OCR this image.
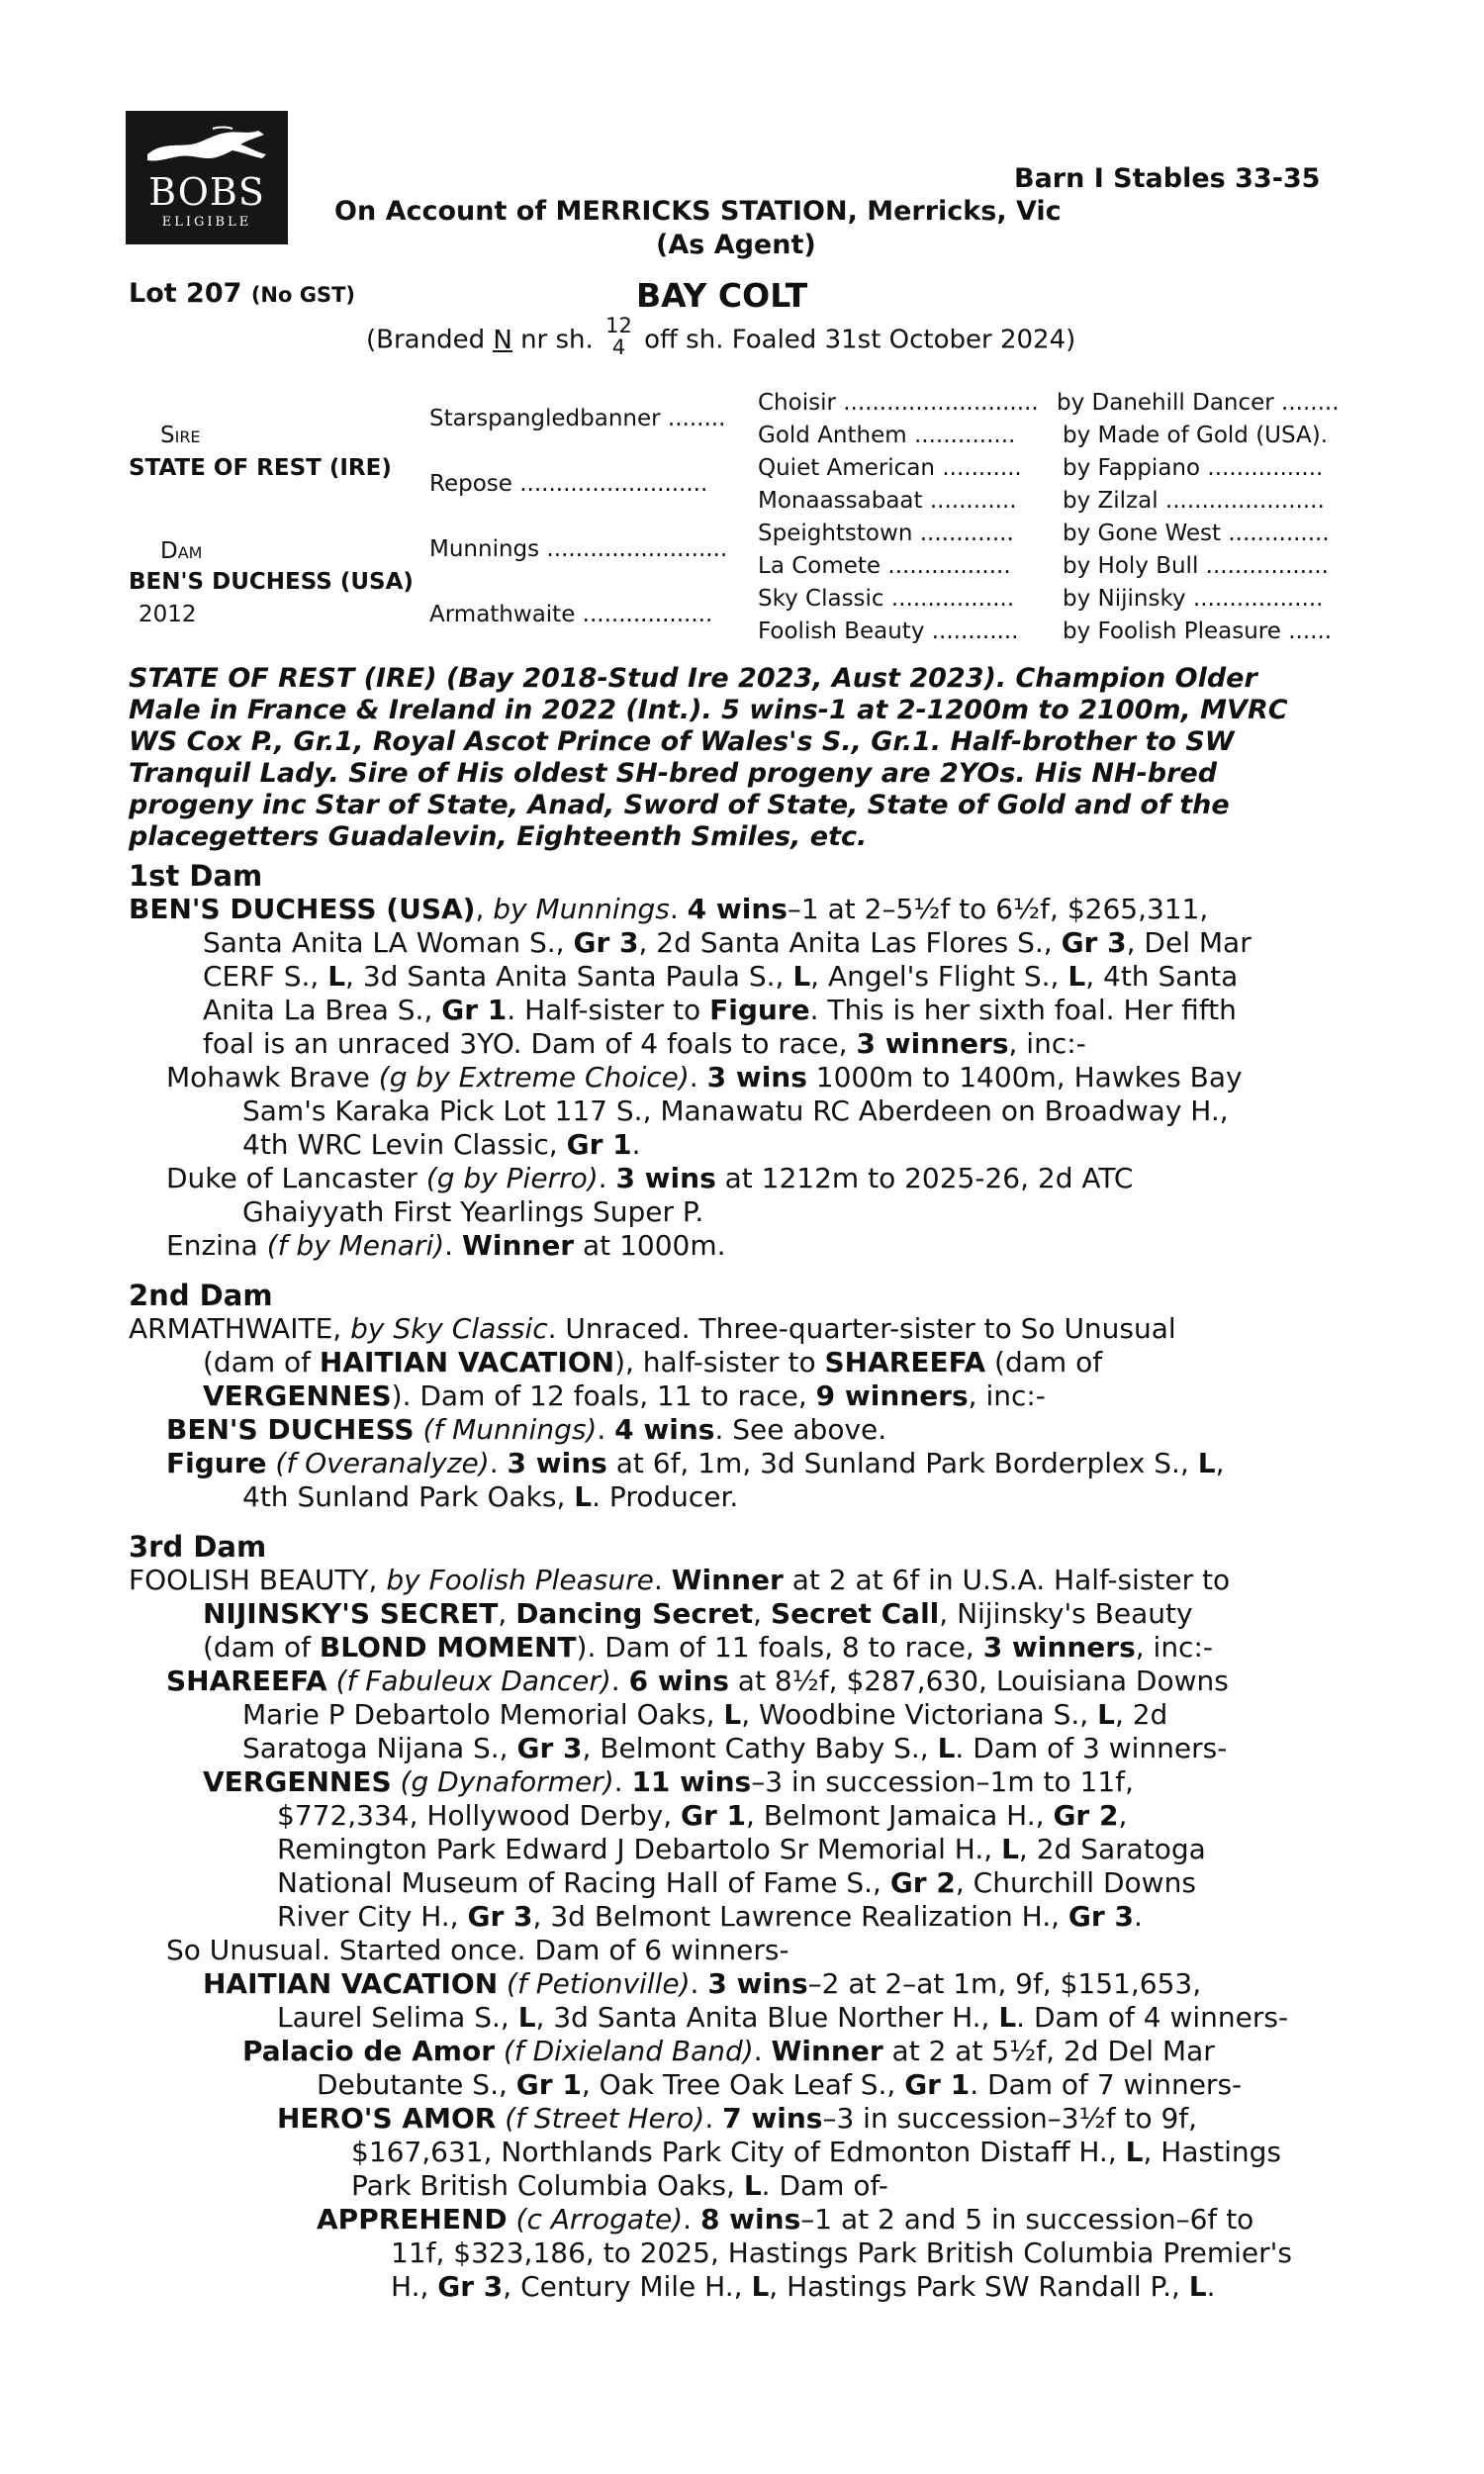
BOBS
ELIGIBLE
Barn I Stables 33-35
On Account of MERRICKS STATION, Merricks, Vic
(As Agent)
Lot 207 (No GST)	BAY COLT
(Branded N nr sh. 12
4 off sh. Foaled 31st October 2024)
Sire
STATE OF REST (IRE)
Dam
BEN'S DUCHESS (USA)
2012
Starspangledbanner ........
Repose ..........................
Munnings .........................
Armathwaite ..................
Choisir ........................... by Danehill Dancer ........
Gold Anthem .............. by Made of Gold (USA).
Quiet American ........... by Fappiano ................
Monaassabaat ............ by Zilzal ......................
Speightstown ............. by Gone West ..............
La Comete ................. by Holy Bull .................
Sky Classic ................. by Nijinsky ..................
Foolish Beauty ............ by Foolish Pleasure ......
STATE OF REST (IRE) (Bay 2018-Stud Ire 2023, Aust 2023). Champion Older
Male in France & Ireland in 2022 (Int.). 5 wins-1 at 2-1200m to 2100m, MVRC
WS Cox P., Gr.1, Royal Ascot Prince of Wales's S., Gr.1. Half-brother to SW
Tranquil Lady. Sire of His oldest SH-bred progeny are 2YOs. His NH-bred
progeny inc Star of State, Anad, Sword of State, State of Gold and of the
placegetters Guadalevin, Eighteenth Smiles, etc.
1st Dam
BEN'S DUCHESS (USA), by Munnings. 4 wins–1 at 2–5½f to 6½f, $265,311,
Santa Anita LA Woman S., Gr 3, 2d Santa Anita Las Flores S., Gr 3, Del Mar
CERF S., L, 3d Santa Anita Santa Paula S., L, Angel's Flight S., L, 4th Santa
Anita La Brea S., Gr 1. Half-sister to Figure. This is her sixth foal. Her fifth
foal is an unraced 3YO. Dam of 4 foals to race, 3 winners, inc:-
Mohawk Brave (g by Extreme Choice). 3 wins 1000m to 1400m, Hawkes Bay
Sam's Karaka Pick Lot 117 S., Manawatu RC Aberdeen on Broadway H.,
4th WRC Levin Classic, Gr 1.
Duke of Lancaster (g by Pierro). 3 wins at 1212m to 2025-26, 2d ATC
Ghaiyyath First Yearlings Super P.
Enzina (f by Menari). Winner at 1000m.
2nd Dam
ARMATHWAITE, by Sky Classic. Unraced. Three-quarter-sister to So Unusual
(dam of HAITIAN VACATION), half-sister to SHAREEFA (dam of
VERGENNES). Dam of 12 foals, 11 to race, 9 winners, inc:-
BEN'S DUCHESS (f Munnings). 4 wins. See above.
Figure (f Overanalyze). 3 wins at 6f, 1m, 3d Sunland Park Borderplex S., L,
4th Sunland Park Oaks, L. Producer.
3rd Dam
FOOLISH BEAUTY, by Foolish Pleasure. Winner at 2 at 6f in U.S.A. Half-sister to
NIJINSKY'S SECRET, Dancing Secret, Secret Call, Nijinsky's Beauty
(dam of BLOND MOMENT). Dam of 11 foals, 8 to race, 3 winners, inc:-
SHAREEFA (f Fabuleux Dancer). 6 wins at 8½f, $287,630, Louisiana Downs
Marie P Debartolo Memorial Oaks, L, Woodbine Victoriana S., L, 2d
Saratoga Nijana S., Gr 3, Belmont Cathy Baby S., L. Dam of 3 winners-
VERGENNES (g Dynaformer). 11 wins–3 in succession–1m to 11f,
$772,334, Hollywood Derby, Gr 1, Belmont Jamaica H., Gr 2,
Remington Park Edward J Debartolo Sr Memorial H., L, 2d Saratoga
National Museum of Racing Hall of Fame S., Gr 2, Churchill Downs
River City H., Gr 3, 3d Belmont Lawrence Realization H., Gr 3.
So Unusual. Started once. Dam of 6 winners-
HAITIAN VACATION (f Petionville). 3 wins–2 at 2–at 1m, 9f, $151,653,
Laurel Selima S., L, 3d Santa Anita Blue Norther H., L. Dam of 4 winners-
Palacio de Amor (f Dixieland Band). Winner at 2 at 5½f, 2d Del Mar
Debutante S., Gr 1, Oak Tree Oak Leaf S., Gr 1. Dam of 7 winners-
HERO'S AMOR (f Street Hero). 7 wins–3 in succession–3½f to 9f,
$167,631, Northlands Park City of Edmonton Distaff H., L, Hastings
Park British Columbia Oaks, L. Dam of-
APPREHEND (c Arrogate). 8 wins–1 at 2 and 5 in succession–6f to
11f, $323,186, to 2025, Hastings Park British Columbia Premier's
H., Gr 3, Century Mile H., L, Hastings Park SW Randall P., L.
